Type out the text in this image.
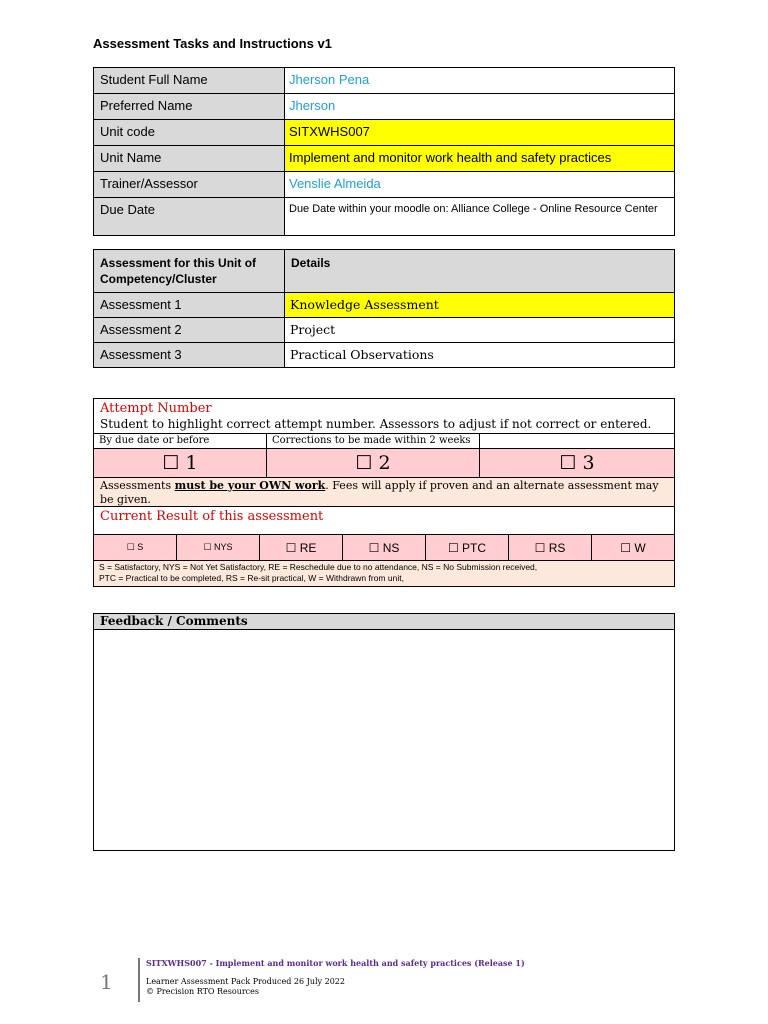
Assessment Tasks and Instructions v1
Student Full Name	Jherson Pena
Preferred Name	Jherson
Unit code	SITXWHS007
Unit Name	Implement and monitor work health and safety practices
Trainer/Assessor	Venslie Almeida
Due Date	Due Date within your moodle on: Alliance College - Online Resource Center
Assessment for this Unit of Competency/Cluster	Details
Assessment 1	Knowledge Assessment
Assessment 2	Project
Assessment 3	Practical Observations
Attempt Number
Student to highlight correct attempt number. Assessors to adjust if not correct or entered.
By due date or before	Corrections to be made within 2 weeks
☐ 1	☐ 2	☐ 3
Assessments must be your OWN work. Fees will apply if proven and an alternate assessment may be given.
Current Result of this assessment
☐ S	☐ NYS	☐ RE	☐ NS	☐ PTC	☐ RS	☐ W
S = Satisfactory, NYS = Not Yet Satisfactory, RE = Reschedule due to no attendance, NS = No Submission received,
PTC = Practical to be completed, RS = Re-sit practical, W = Withdrawn from unit,
Feedback / Comments
1
SITXWHS007 - Implement and monitor work health and safety practices (Release 1)
Learner Assessment Pack Produced 26 July 2022
© Precision RTO Resources
